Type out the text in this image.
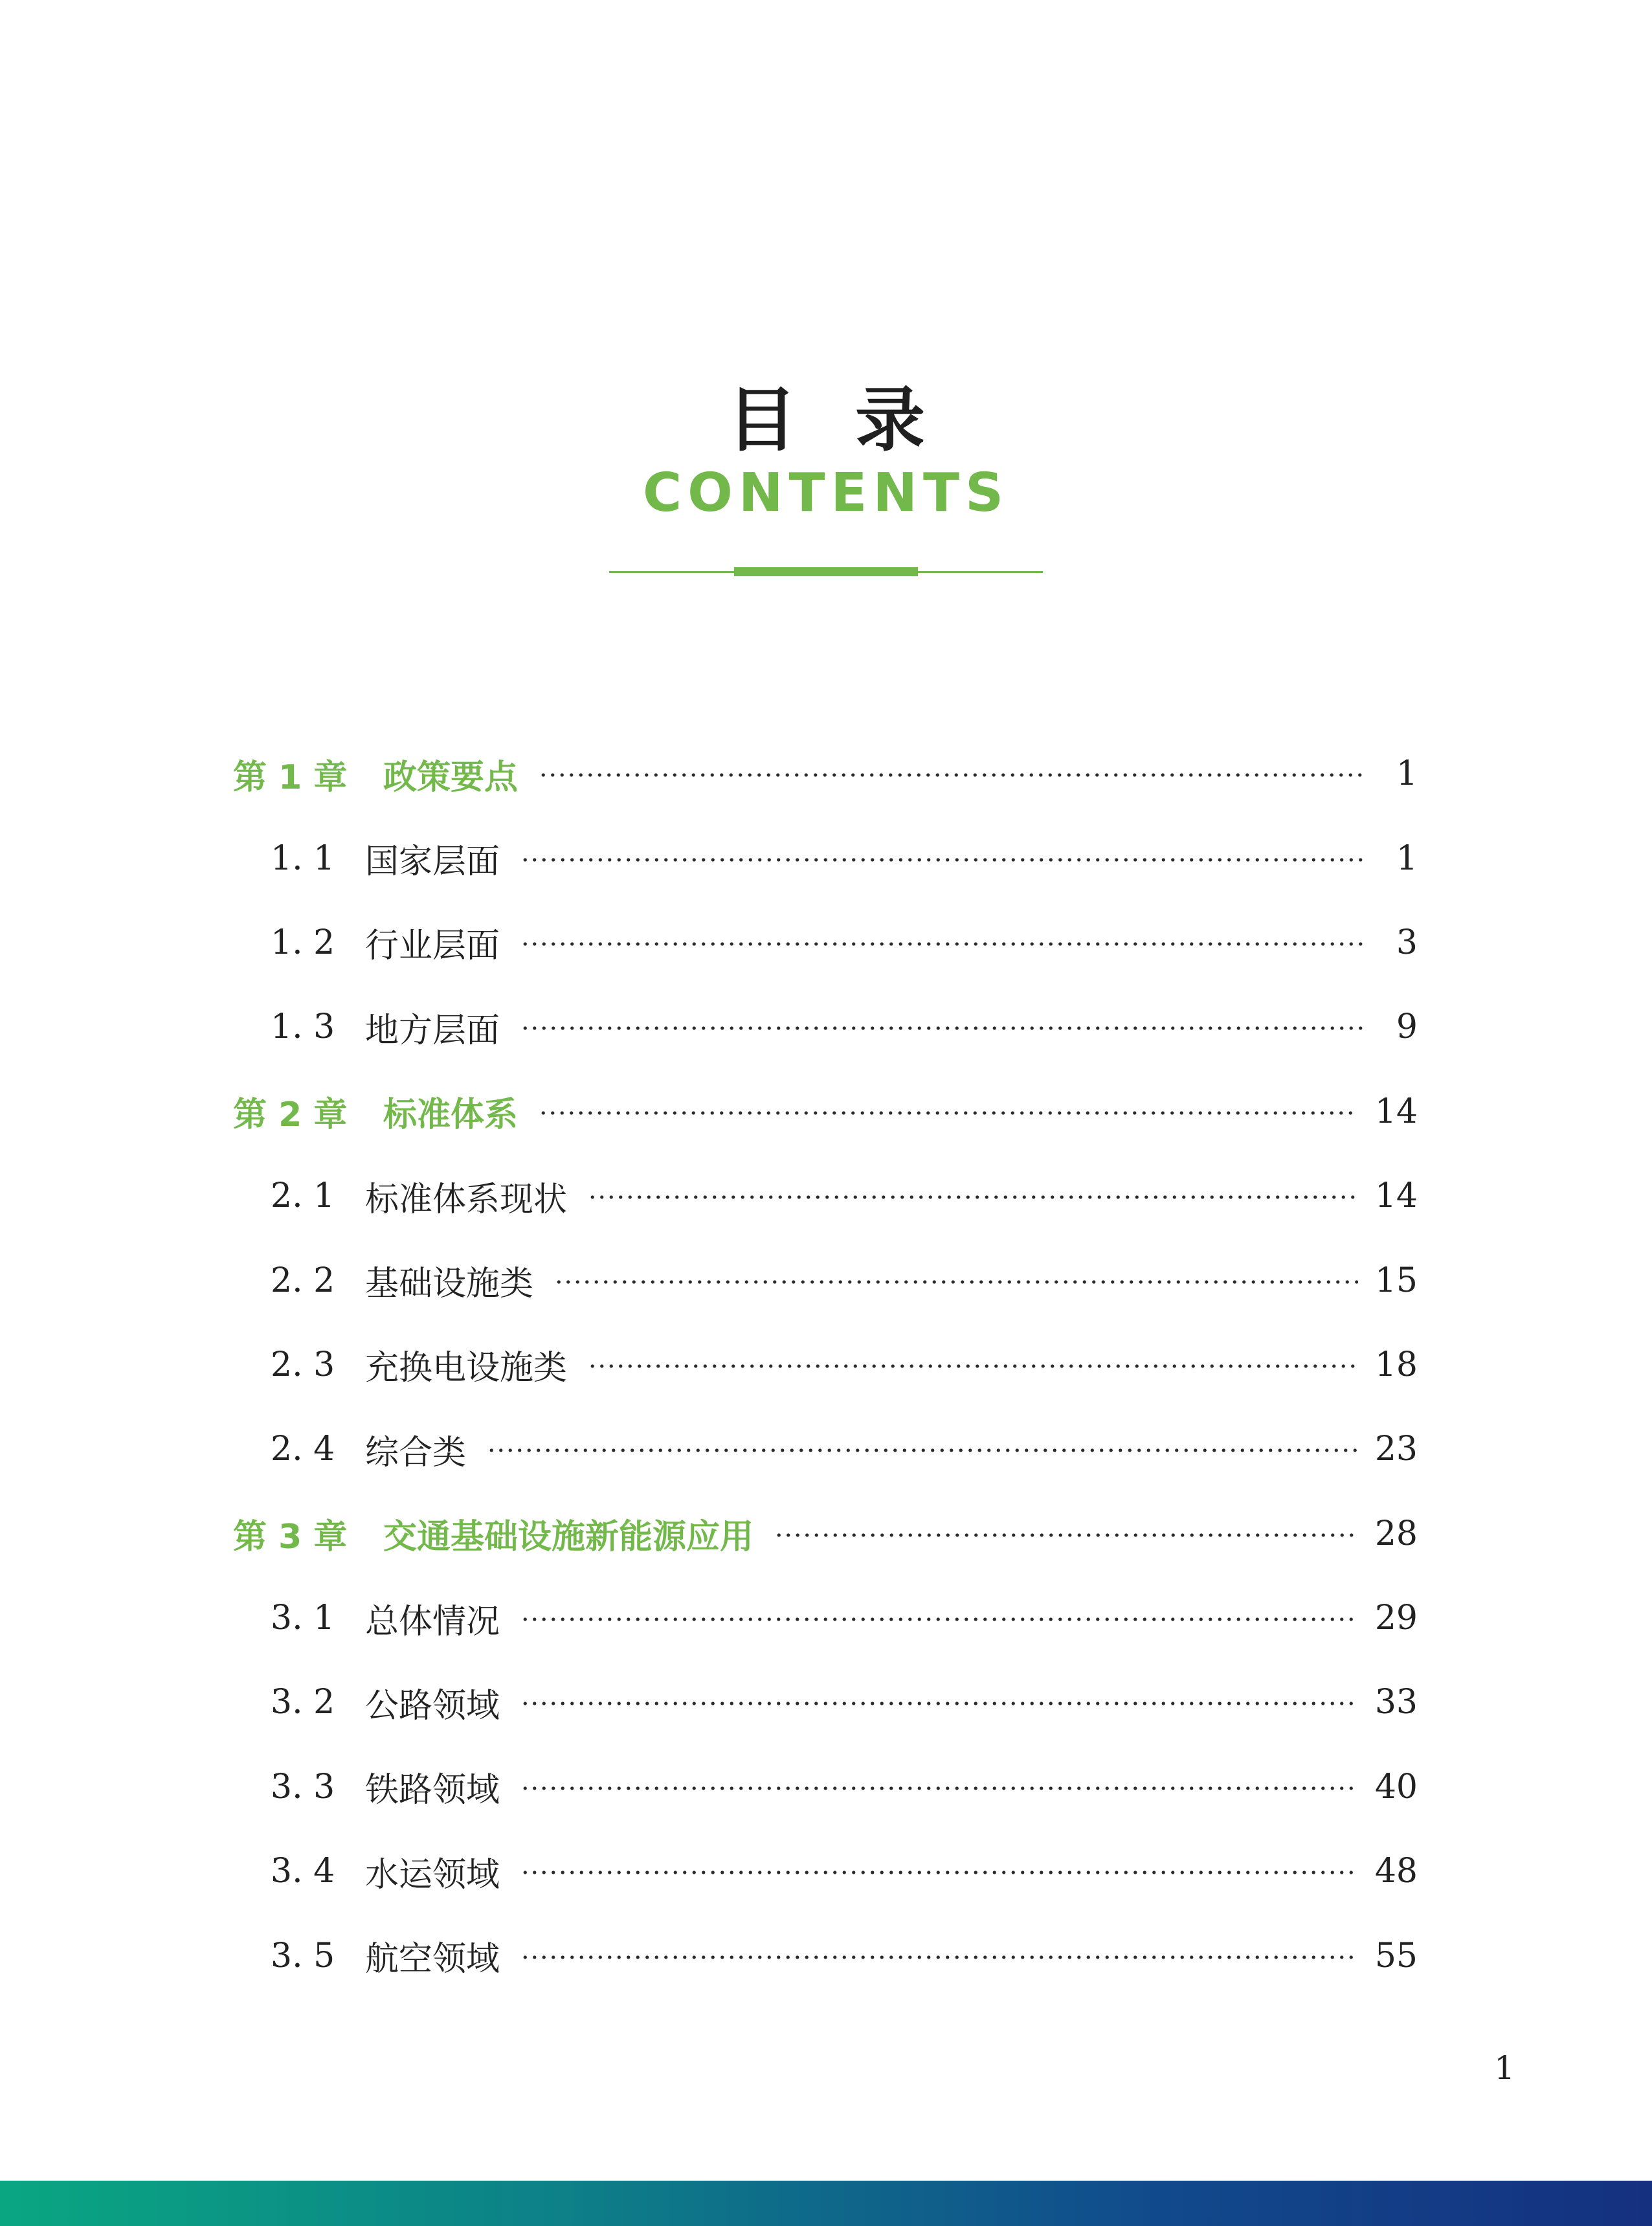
目录
CONTENTS
第 1 章	政策要点	1
1. 1 国家层面	1
1. 2 行业层面	3
1. 3 地方层面	9
第 2 章	标准体系	14
2. 1 标准体系现状	14
2. 2 基础设施类	15
2. 3 充换电设施类	18
2. 4 综合类	23
第 3 章	交通基础设施新能源应用	28
3. 1 总体情况	29
3. 2 公路领域	33
3. 3 铁路领域	40
3. 4 水运领域	48
3. 5 航空领域	55
1
